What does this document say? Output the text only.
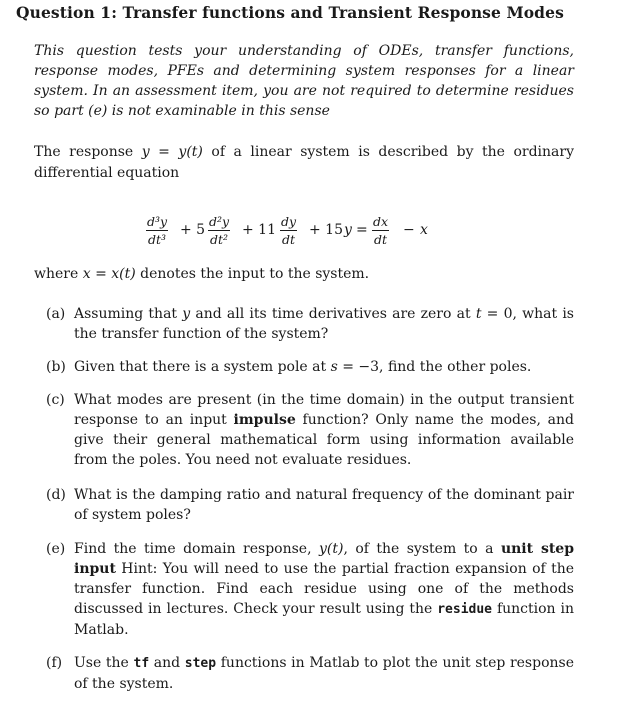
Question 1: Transfer functions and Transient Response Modes
This question tests your understanding of ODEs, transfer functions, response modes, PFEs and determining system responses for a linear system. In an assessment item, you are not required to determine residues so part (e) is not examinable in this sense
The response y = y(t) of a linear system is described by the ordinary differential equation
$\frac{\text{d³y}}{\text{dt³}} + 5 \frac{\text{d²y}}{\text{dt²}} + 11 \frac{dy}{dt} + 15$ $y = \frac{dx}{dt} - x$
where x = x(t) denotes the input to the system.
(a) Assuming that y and all its time derivatives are zero at t = 0, what is the transfer function of the system?
(b) Given that there is a system pole at s = −3, find the other poles.
(c) What modes are present (in the time domain) in the output transient response to an input impulse function? Only name the modes, and give their general mathematical form using information available from the poles. You need not evaluate residues.
(d) What is the damping ratio and natural frequency of the dominant pair of system poles?
(e) Find the time domain response, y(t), of the system to a unit step input Hint: You will need to use the partial fraction expansion of the transfer function. Find each residue using one of the methods discussed in lectures. Check your result using the residue function in Matlab.
(f) Use the tf and step functions in Matlab to plot the unit step response of the system.
